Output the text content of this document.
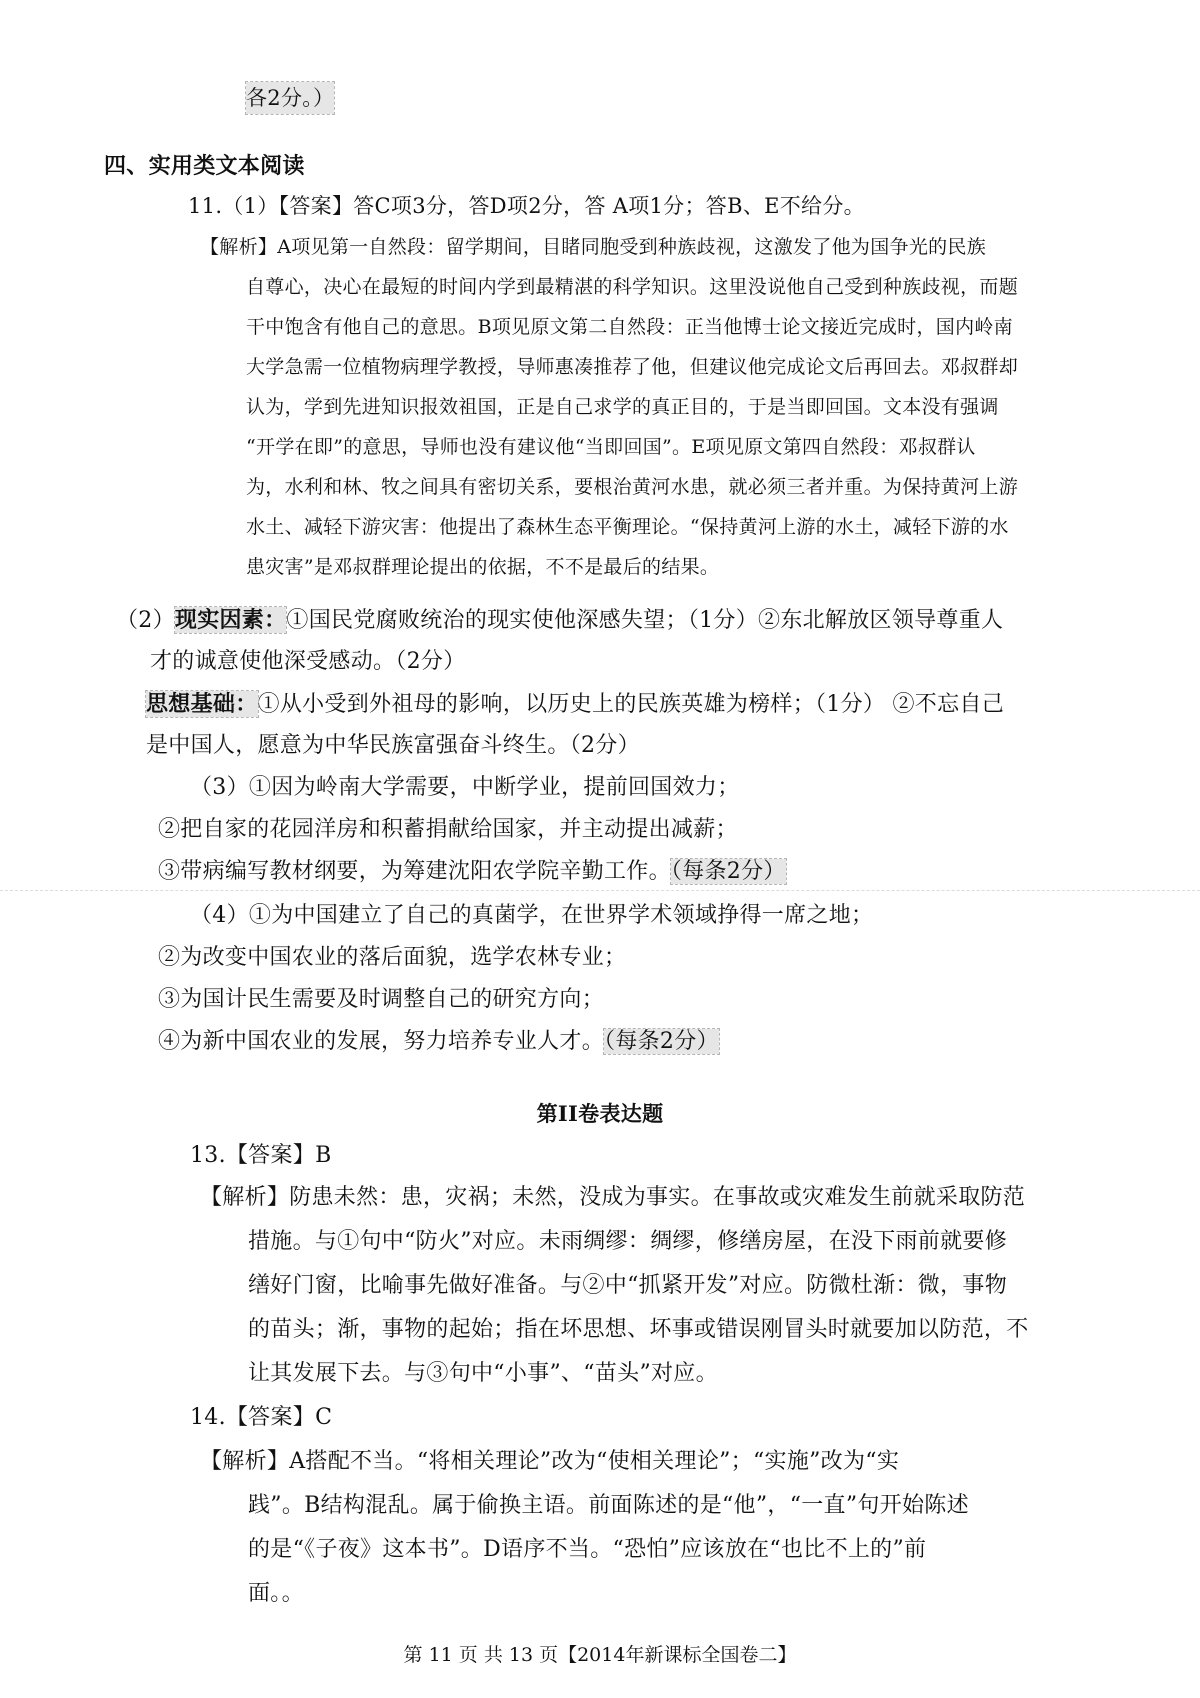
各2分。）
四、实用类文本阅读
11.（1）【答案】答C项3分，答D项2分，答 A项1分；答B、E不给分。
【解析】A项见第一自然段：留学期间，目睹同胞受到种族歧视，这激发了他为国争光的民族
自尊心，决心在最短的时间内学到最精湛的科学知识。这里没说他自己受到种族歧视，而题
干中饱含有他自己的意思。B项见原文第二自然段：正当他博士论文接近完成时，国内岭南
大学急需一位植物病理学教授，导师惠凑推荐了他，但建议他完成论文后再回去。邓叔群却
认为，学到先进知识报效祖国，正是自己求学的真正目的，于是当即回国。文本没有强调
“开学在即”的意思，导师也没有建议他“当即回国”。E项见原文第四自然段：邓叔群认
为，水利和林、牧之间具有密切关系，要根治黄河水患，就必须三者并重。为保持黄河上游
水土、减轻下游灾害：他提出了森林生态平衡理论。“保持黄河上游的水土，减轻下游的水
患灾害”是邓叔群理论提出的依据，不不是最后的结果。
（2）现实因素：①国民党腐败统治的现实使他深感失望；（1分）②东北解放区领导尊重人
才的诚意使他深受感动。（2分）
思想基础：①从小受到外祖母的影响，以历史上的民族英雄为榜样；（1分） ②不忘自己
是中国人，愿意为中华民族富强奋斗终生。（2分）
（3）①因为岭南大学需要，中断学业，提前回国效力；
②把自家的花园洋房和积蓄捐献给国家，并主动提出减薪；
③带病编写教材纲要，为筹建沈阳农学院辛勤工作。（每条2分）
（4）①为中国建立了自己的真菌学，在世界学术领域挣得一席之地；
②为改变中国农业的落后面貌，选学农林专业；
③为国计民生需要及时调整自己的研究方向；
④为新中国农业的发展，努力培养专业人才。（每条2分）
第II卷表达题
13.【答案】B
【解析】防患未然：患，灾祸；未然，没成为事实。在事故或灾难发生前就采取防范
措施。与①句中“防火”对应。未雨绸缪：绸缪，修缮房屋，在没下雨前就要修
缮好门窗，比喻事先做好准备。与②中“抓紧开发”对应。防微杜渐：微，事物
的苗头；渐，事物的起始；指在坏思想、坏事或错误刚冒头时就要加以防范，不
让其发展下去。与③句中“小事”、“苗头”对应。
14.【答案】C
【解析】A搭配不当。“将相关理论”改为“使相关理论”；“实施”改为“实
践”。B结构混乱。属于偷换主语。前面陈述的是“他”，“一直”句开始陈述
的是“《子夜》这本书”。D语序不当。“恐怕”应该放在“也比不上的”前
面。。
第 11 页 共 13 页【2014年新课标全国卷二】
